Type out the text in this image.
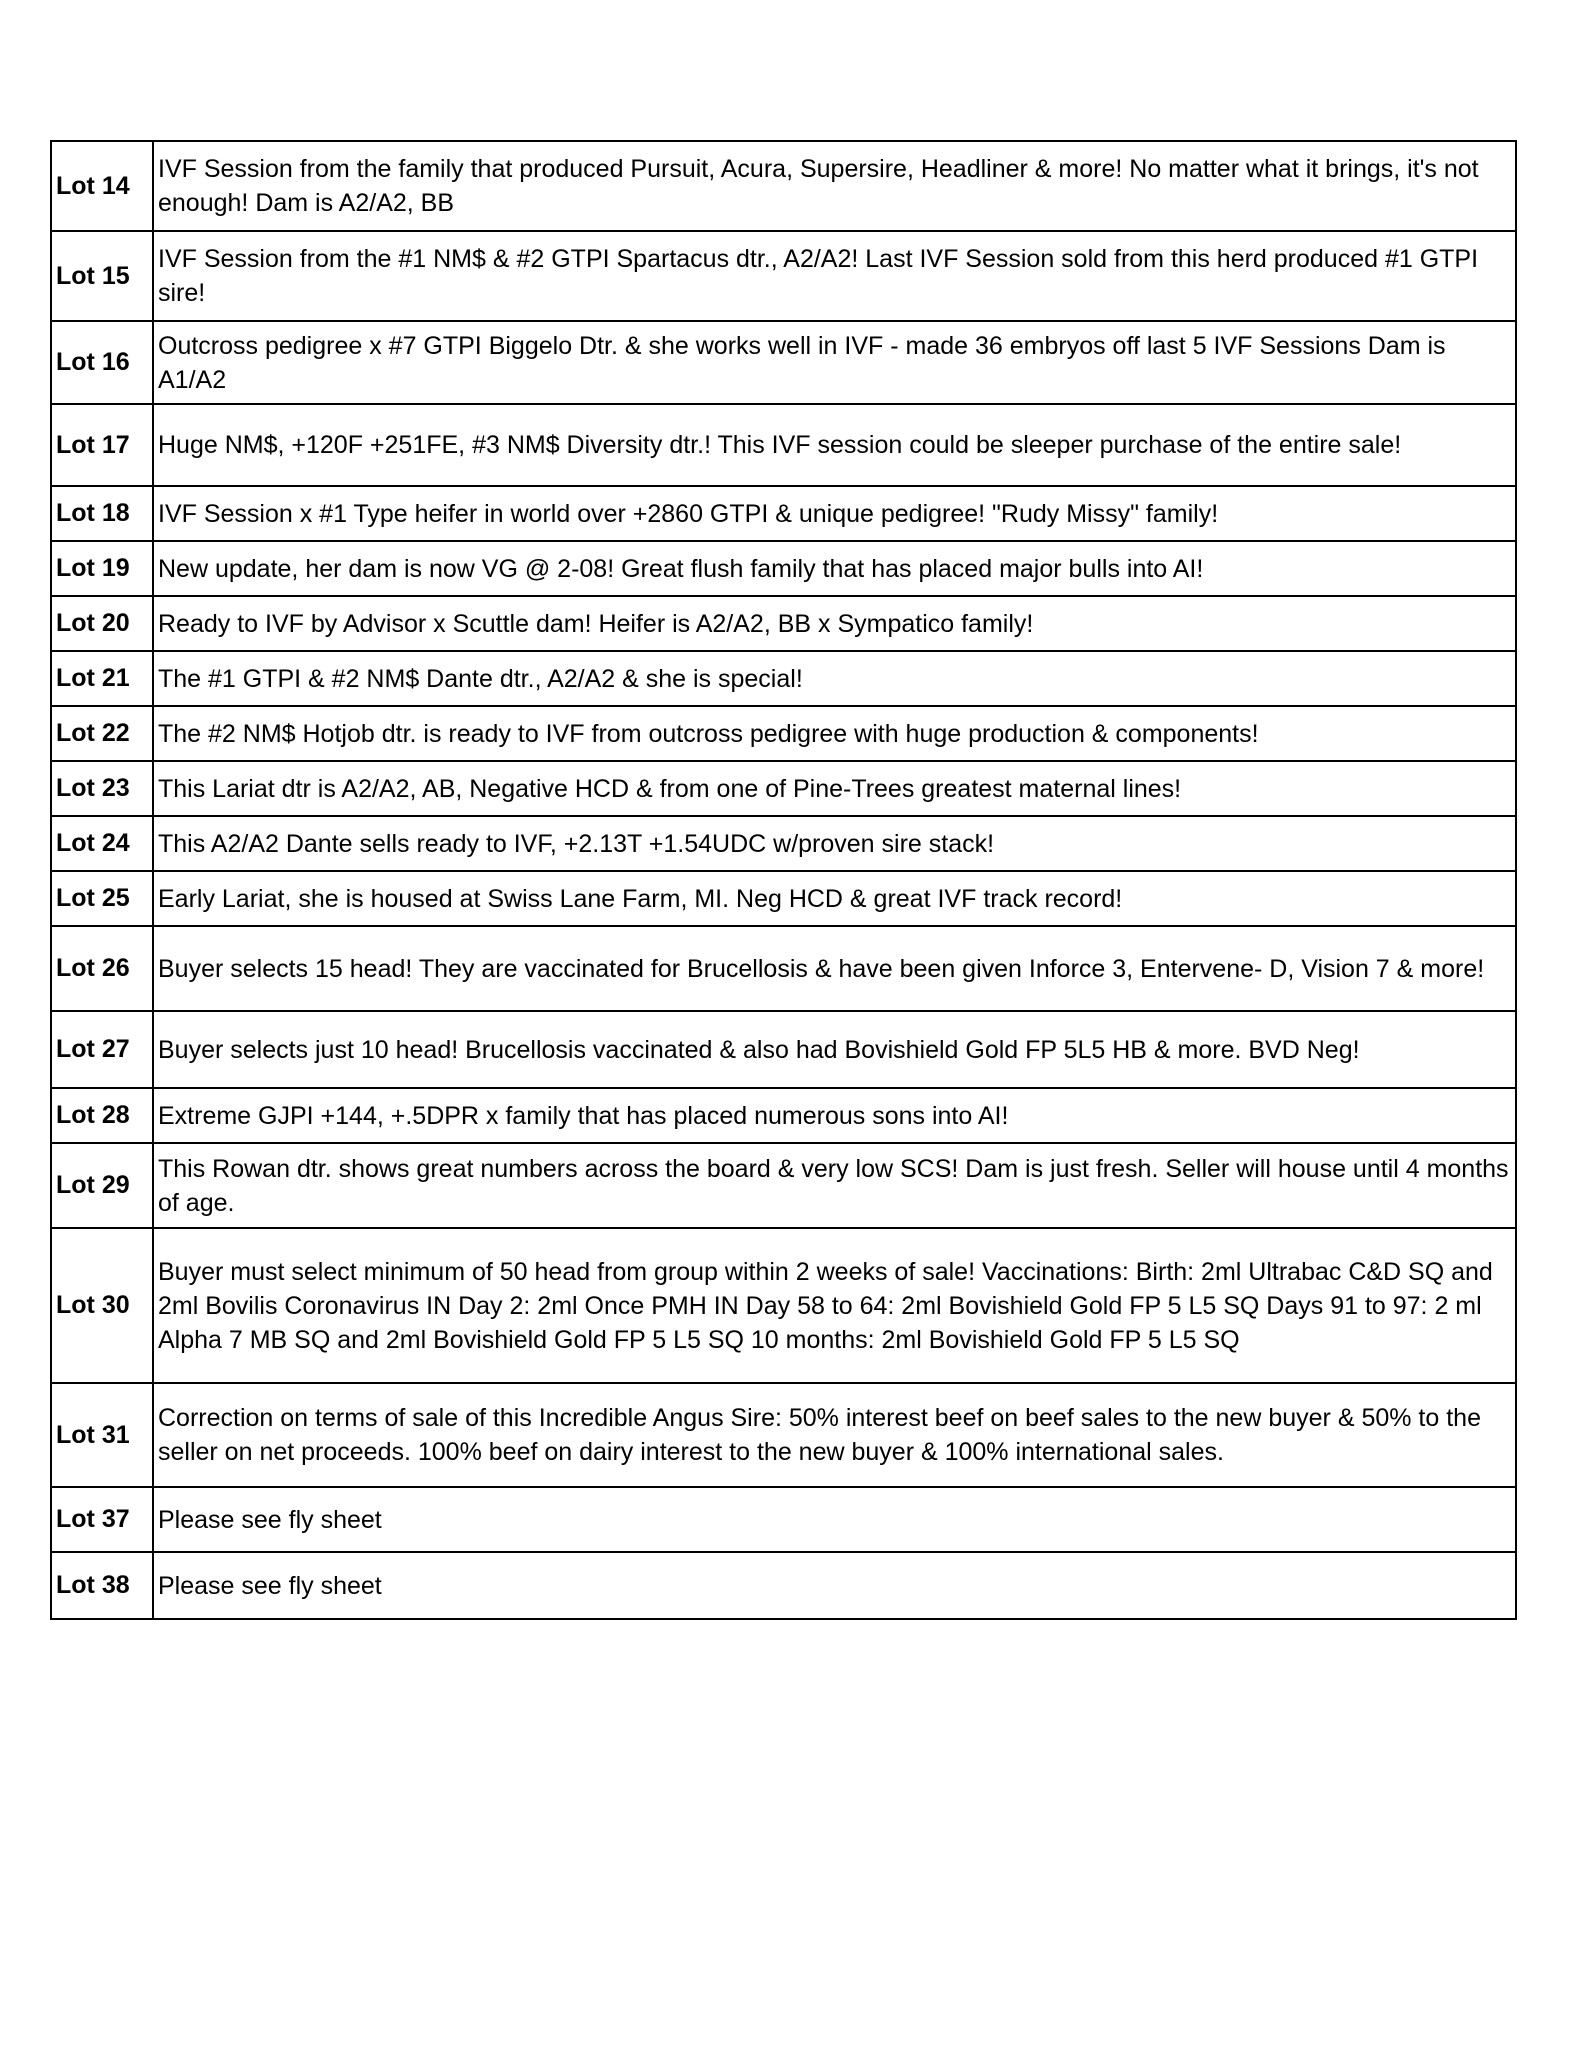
Lot 14	IVF Session from the family that produced Pursuit, Acura, Supersire, Headliner & more! No matter what it brings, it's not enough! Dam is A2/A2, BB
Lot 15	IVF Session from the #1 NM$ & #2 GTPI Spartacus dtr., A2/A2! Last IVF Session sold from this herd produced #1 GTPI sire!
Lot 16	Outcross pedigree x #7 GTPI Biggelo Dtr. & she works well in IVF - made 36 embryos off last 5 IVF Sessions Dam is A1/A2
Lot 17	Huge NM$, +120F +251FE, #3 NM$ Diversity dtr.! This IVF session could be sleeper purchase of the entire sale!
Lot 18	IVF Session x #1 Type heifer in world over +2860 GTPI & unique pedigree! "Rudy Missy" family!
Lot 19	New update, her dam is now VG @ 2-08! Great flush family that has placed major bulls into AI!
Lot 20	Ready to IVF by Advisor x Scuttle dam! Heifer is A2/A2, BB x Sympatico family!
Lot 21	The #1 GTPI & #2 NM$ Dante dtr., A2/A2 & she is special!
Lot 22	The #2 NM$ Hotjob dtr. is ready to IVF from outcross pedigree with huge production & components!
Lot 23	This Lariat dtr is A2/A2, AB, Negative HCD & from one of Pine-Trees greatest maternal lines!
Lot 24	This A2/A2 Dante sells ready to IVF, +2.13T +1.54UDC w/proven sire stack!
Lot 25	Early Lariat, she is housed at Swiss Lane Farm, MI. Neg HCD & great IVF track record!
Lot 26	Buyer selects 15 head! They are vaccinated for Brucellosis & have been given Inforce 3, Entervene- D, Vision 7 & more!
Lot 27	Buyer selects just 10 head! Brucellosis vaccinated & also had Bovishield Gold FP 5L5 HB & more. BVD Neg!
Lot 28	Extreme GJPI +144, +.5DPR x family that has placed numerous sons into AI!
Lot 29	This Rowan dtr. shows great numbers across the board & very low SCS! Dam is just fresh. Seller will house until 4 months of age.
Lot 30	Buyer must select minimum of 50 head from group within 2 weeks of sale! Vaccinations: Birth: 2ml Ultrabac C&D SQ and 2ml Bovilis Coronavirus IN Day 2: 2ml Once PMH IN Day 58 to 64: 2ml Bovishield Gold FP 5 L5 SQ Days 91 to 97: 2 ml Alpha 7 MB SQ and 2ml Bovishield Gold FP 5 L5 SQ 10 months: 2ml Bovishield Gold FP 5 L5 SQ
Lot 31	Correction on terms of sale of this Incredible Angus Sire: 50% interest beef on beef sales to the new buyer & 50% to the seller on net proceeds. 100% beef on dairy interest to the new buyer & 100% international sales.
Lot 37	Please see fly sheet
Lot 38	Please see fly sheet
